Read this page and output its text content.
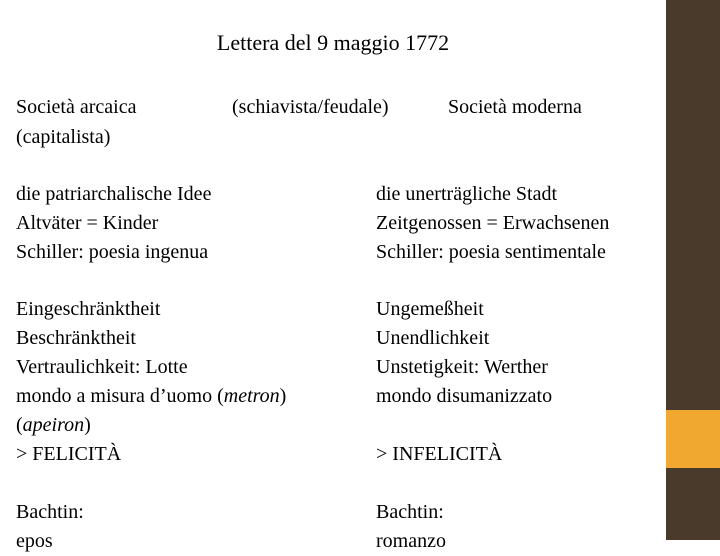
Lettera del 9 maggio 1772
Società arcaica
(capitalista)
(schiavista/feudale)	Società moderna
die patriarchalische Idee
Altväter = Kinder
Schiller: poesia ingenua
Eingeschränktheit
Beschränktheit
Vertraulichkeit: Lotte
mondo a misura d’uomo (metron)
(apeiron)
> FELICITÀ
Bachtin:
epos
die unerträgliche Stadt
Zeitgenossen = Erwachsenen
Schiller: poesia sentimentale
Ungemeßheit
Unendlichkeit
Unstetigkeit: Werther
mondo disumanizzato
> INFELICITÀ
Bachtin:
romanzo
